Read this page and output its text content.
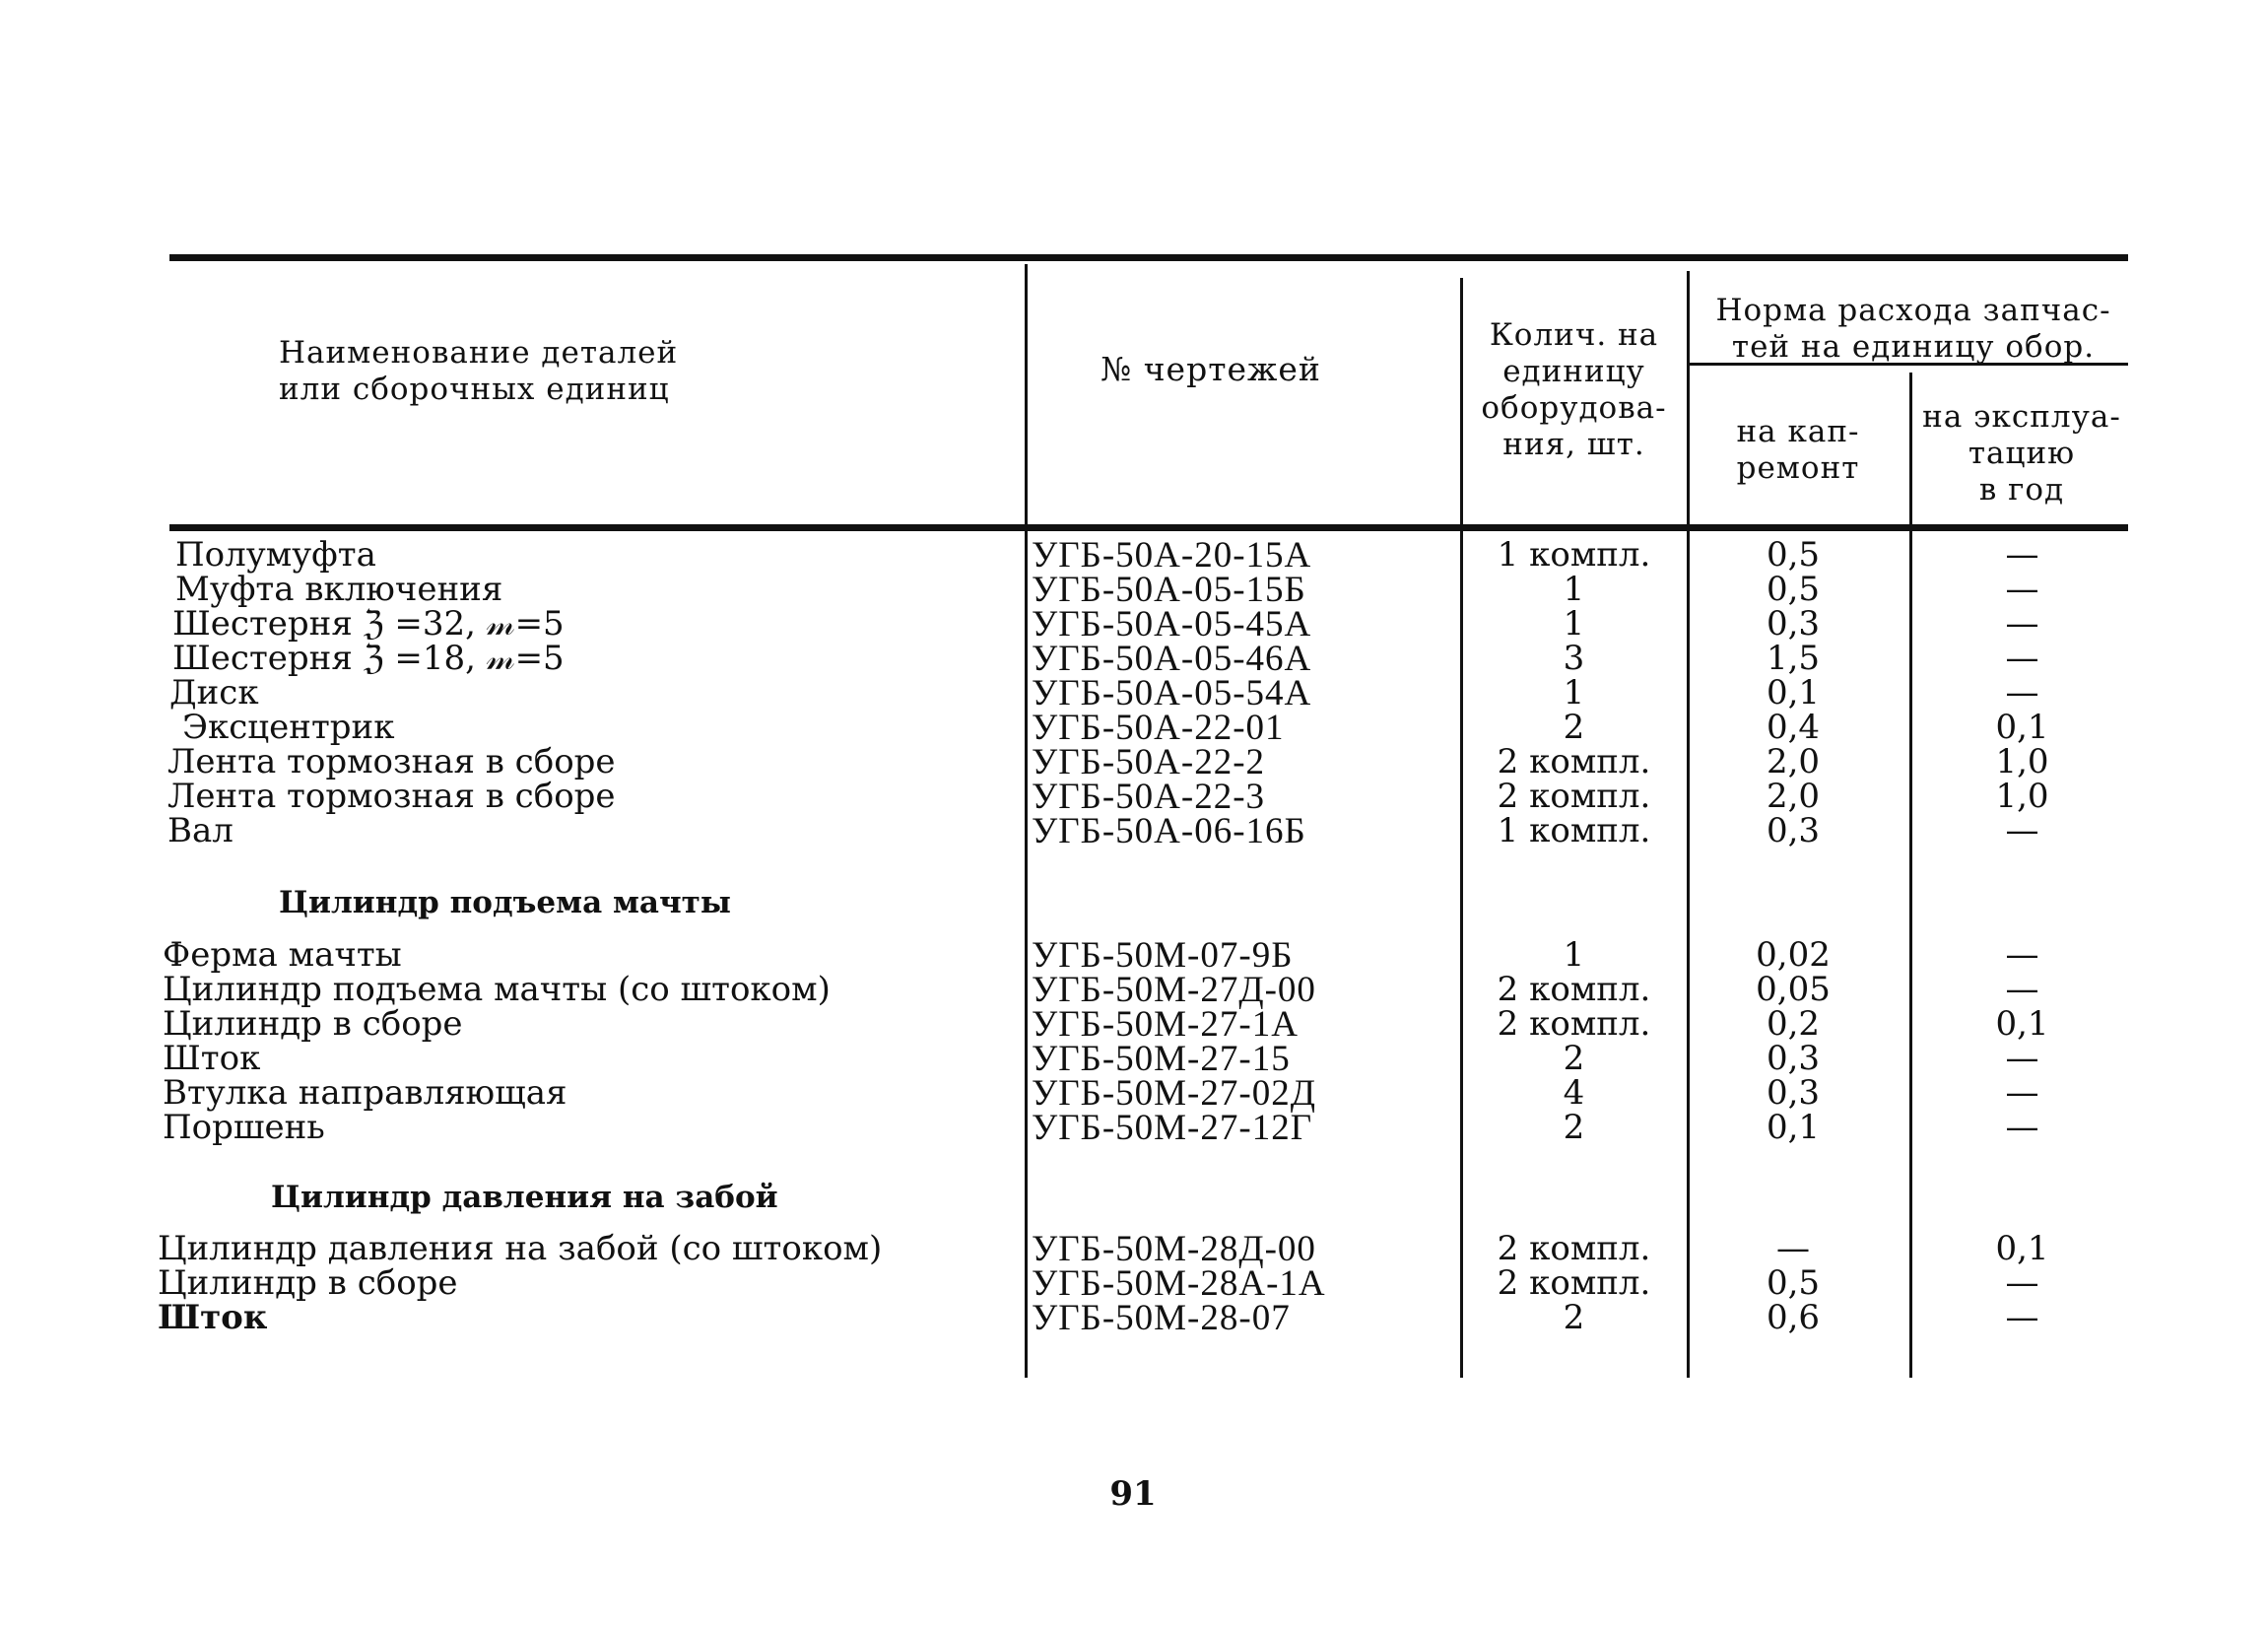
Наименование деталей
или сборочных единиц
№ чертежей
Колич. на
единицу
оборудова-
ния, шт.
Норма расхода запчас-
тей на единицу обор.
на кап-
ремонт
на эксплуа-
тацию
в год
Полумуфта	УГБ-50А-20-15А	1 компл.	0,5	—
Муфта включения	УГБ-50А-05-15Б	1	0,5	—
Шестерня ℨ =32, 𝓂=5	УГБ-50А-05-45А	1	0,3	—
Шестерня ℨ =18, 𝓂=5	УГБ-50А-05-46А	3	1,5	—
Диск	УГБ-50А-05-54А	1	0,1	—
Эксцентрик	УГБ-50А-22-01	2	0,4	0,1
Лента тормозная в сборе	УГБ-50А-22-2	2 компл.	2,0	1,0
Лента тормозная в сборе	УГБ-50А-22-3	2 компл.	2,0	1,0
Вал	УГБ-50А-06-16Б	1 компл.	0,3	—
Цилиндр подъема мачты
Ферма мачты	УГБ-50М-07-9Б	1	0,02	—
Цилиндр подъема мачты (со штоком)	УГБ-50М-27Д-00	2 компл.	0,05	—
Цилиндр в сборе	УГБ-50М-27-1А	2 компл.	0,2	0,1
Шток	УГБ-50М-27-15	2	0,3	—
Втулка направляющая	УГБ-50М-27-02Д	4	0,3	—
Поршень	УГБ-50М-27-12Г	2	0,1	—
Цилиндр давления на забой
Цилиндр давления на забой (со штоком)	УГБ-50М-28Д-00	2 компл.	—	0,1
Цилиндр в сборе	УГБ-50М-28А-1А	2 компл.	0,5	—
Шток	УГБ-50М-28-07	2	0,6	—
91
